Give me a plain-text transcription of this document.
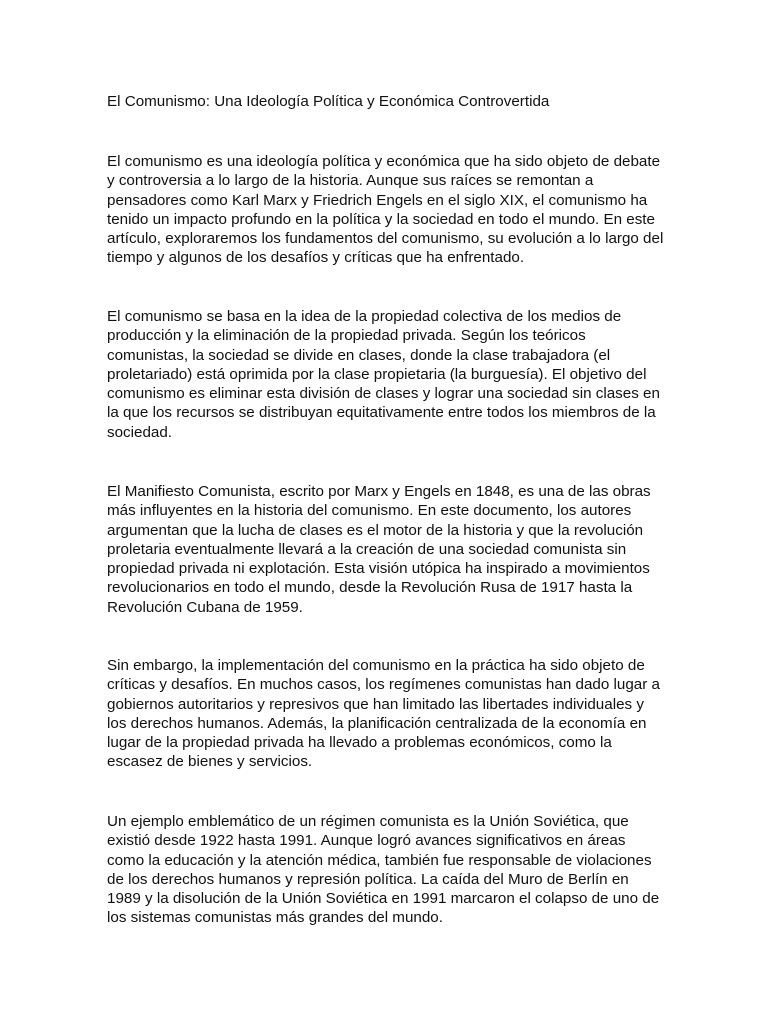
El Comunismo: Una Ideología Política y Económica Controvertida

El comunismo es una ideología política y económica que ha sido objeto de debate
y controversia a lo largo de la historia. Aunque sus raíces se remontan a
pensadores como Karl Marx y Friedrich Engels en el siglo XIX, el comunismo ha
tenido un impacto profundo en la política y la sociedad en todo el mundo. En este
artículo, exploraremos los fundamentos del comunismo, su evolución a lo largo del
tiempo y algunos de los desafíos y críticas que ha enfrentado.

El comunismo se basa en la idea de la propiedad colectiva de los medios de
producción y la eliminación de la propiedad privada. Según los teóricos
comunistas, la sociedad se divide en clases, donde la clase trabajadora (el
proletariado) está oprimida por la clase propietaria (la burguesía). El objetivo del
comunismo es eliminar esta división de clases y lograr una sociedad sin clases en
la que los recursos se distribuyan equitativamente entre todos los miembros de la
sociedad.

El Manifiesto Comunista, escrito por Marx y Engels en 1848, es una de las obras
más influyentes en la historia del comunismo. En este documento, los autores
argumentan que la lucha de clases es el motor de la historia y que la revolución
proletaria eventualmente llevará a la creación de una sociedad comunista sin
propiedad privada ni explotación. Esta visión utópica ha inspirado a movimientos
revolucionarios en todo el mundo, desde la Revolución Rusa de 1917 hasta la
Revolución Cubana de 1959.

Sin embargo, la implementación del comunismo en la práctica ha sido objeto de
críticas y desafíos. En muchos casos, los regímenes comunistas han dado lugar a
gobiernos autoritarios y represivos que han limitado las libertades individuales y
los derechos humanos. Además, la planificación centralizada de la economía en
lugar de la propiedad privada ha llevado a problemas económicos, como la
escasez de bienes y servicios.

Un ejemplo emblemático de un régimen comunista es la Unión Soviética, que
existió desde 1922 hasta 1991. Aunque logró avances significativos en áreas
como la educación y la atención médica, también fue responsable de violaciones
de los derechos humanos y represión política. La caída del Muro de Berlín en
1989 y la disolución de la Unión Soviética en 1991 marcaron el colapso de uno de
los sistemas comunistas más grandes del mundo.
